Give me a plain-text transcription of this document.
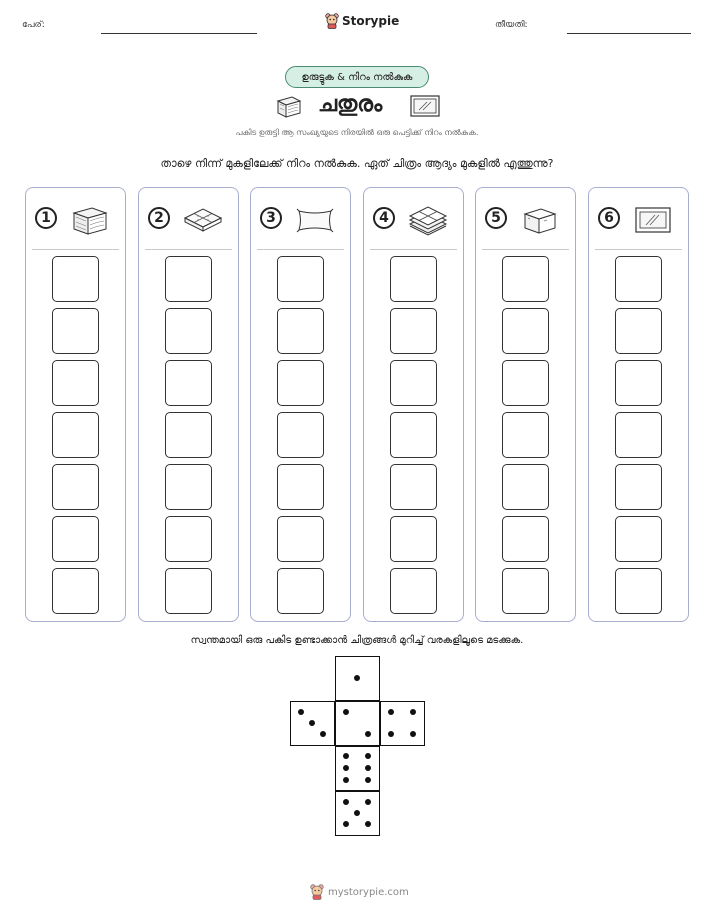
പേര്:	Storypie	തീയതി:
ഉരുട്ടുക & നിറം നൽകുക
ചതുരം
പകിട ഉരുട്ടി ആ സംഖ്യയുടെ നിരയിൽ ഒരു പെട്ടിക്ക് നിറം നൽകുക.
താഴെ നിന്ന് മുകളിലേക്ക് നിറം നൽകുക. ഏത് ചിത്രം ആദ്യം മുകളിൽ എത്തുന്നു?
1	2	3	4	5	6
സ്വന്തമായി ഒരു പകിട ഉണ്ടാക്കാൻ ചിത്രങ്ങൾ മുറിച്ച് വരകളിലൂടെ മടക്കുക.
mystorypie.com
